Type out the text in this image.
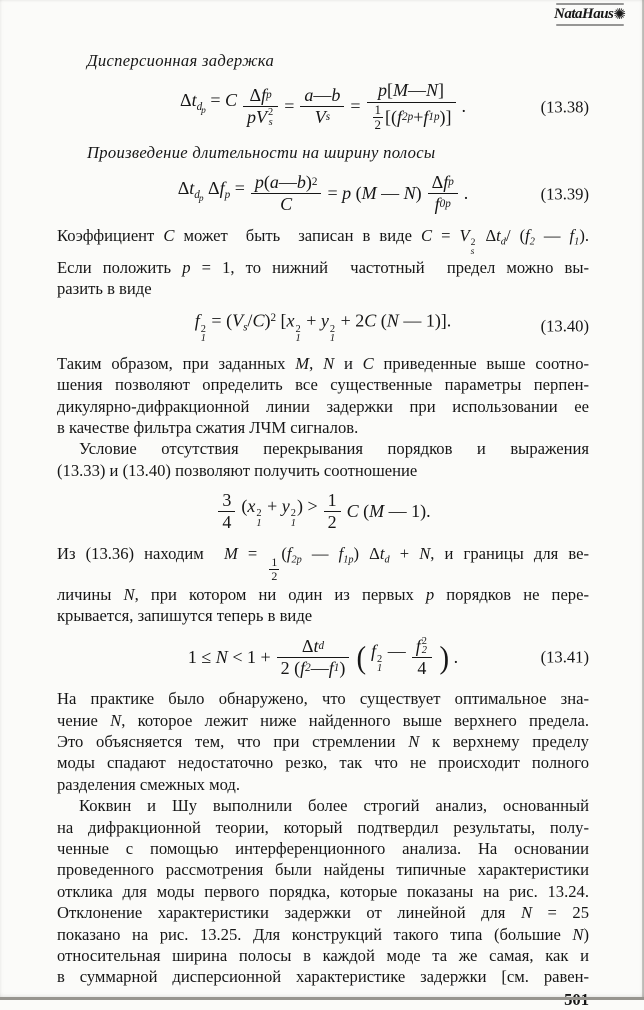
NataHaus✺
Дисперсионная задержка
$\Delta t_{dp} = C$ Δ f p
pV 2
s
= $\frac{a — b}{\text{V s}} = p$ [ M — N ]
1
2 [( f 2p + f 1p )] .	(13.38)
Произведение длительности на ширину полосы
$\Delta t_{dp}$ $\Delta f_p = \frac{p ( a — b ) 2}{C} = p$ (M — N)
Δ f p
f 0p
.	(13.39)
Коэффициент C может  быть  записан в виде C = V 2
s
$\Delta t_d/$ ($f_2$ — $f_1$).
Если положить p = 1, то нижний  частотный  предел можно вы-
разить в виде
f 2
1
= $(V_s/C)^2$ [x 2
1
+ y 2
1
+ 2C (N — 1)].	(13.40)
Таким образом, при заданных M, N и C приведенные выше соотно-
шения позволяют определить все существенные параметры перпен-
дикулярно-дифракционной линии задержки при использовании ее
в качестве фильтра сжатия ЛЧМ сигналов.
Условие  отсутствия  перекрывания  порядков  и  выражения
(13.33) и (13.40) позволяют получить соотношение
3
4
(x 2
1
+ y 2
1
) > 1
2
C (M — 1).
Из (13.36) находим  M =
$\frac{1}{2}$
($f_{2p}$ — $f_{1p}$) $\Delta t_d + N$, и границы для ве-
личины N, при котором ни один из первых p порядков не пере-
крывается, запишутся теперь в виде
1 ≤ N < 1 +
Δ t d
2 ( f 2 — f 1 ) ( f 2
1
— f 2
2
4 ) .	(13.41)
На практике было обнаружено, что существует оптимальное зна-
чение N, которое лежит ниже найденного выше верхнего предела.
Это объясняется тем, что при стремлении N к верхнему пределу
моды спадают недостаточно резко, так что не происходит полного
разделения смежных мод.
Коквин и Шу выполнили более строгий анализ, основанный
на дифракционной теории, который подтвердил результаты, полу-
ченные с помощью интерференционного анализа. На основании
проведенного рассмотрения были найдены типичные характеристики
отклика для моды первого порядка, которые показаны на рис. 13.24.
Отклонение характеристики задержки от линейной для N = 25
показано на рис. 13.25. Для конструкций такого типа (большие N)
относительная ширина полосы в каждой моде та же самая, как и
в суммарной дисперсионной характеристике задержки [см. равен-
